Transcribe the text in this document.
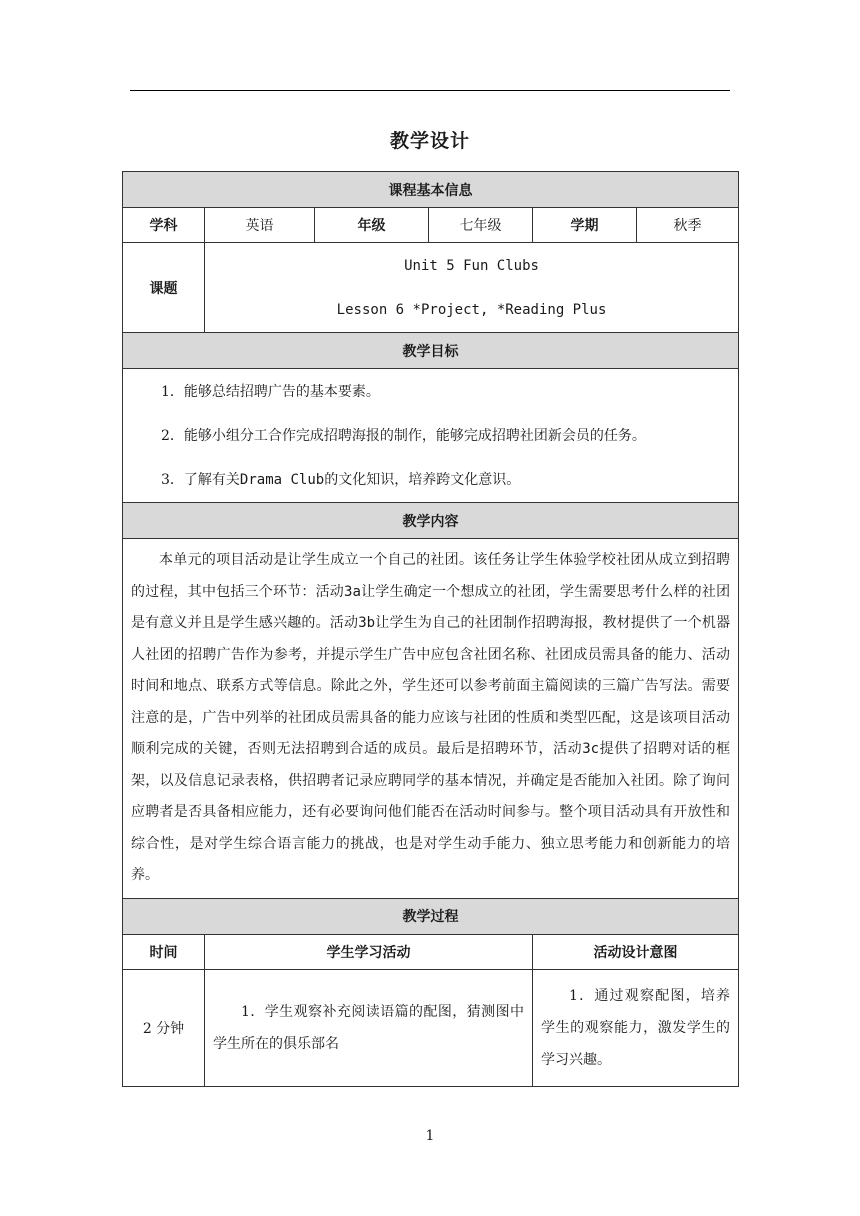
教学设计
课程基本信息					
学科	英语	年级	七年级	学期	秋季
课题	Unit 5 Fun Clubs
Lesson 6 *Project, *Reading Plus				

教学目标					

1．能够总结招聘广告的基本要素。

2．能够小组分工合作完成招聘海报的制作，能够完成招聘社团新会员的任务。

3．了解有关Drama Club的文化知识，培养跨文化意识。					

教学内容					

本单元的项目活动是让学生成立一个自己的社团。该任务让学生体验学校社团从成立到招聘的过程，其中包括三个环节：活动3a让学生确定一个想成立的社团，学生需要思考什么样的社团是有意义并且是学生感兴趣的。活动3b让学生为自己的社团制作招聘海报，教材提供了一个机器人社团的招聘广告作为参考，并提示学生广告中应包含社团名称、社团成员需具备的能力、活动时间和地点、联系方式等信息。除此之外，学生还可以参考前面主篇阅读的三篇广告写法。需要注意的是，广告中列举的社团成员需具备的能力应该与社团的性质和类型匹配，这是该项目活动顺利完成的关键，否则无法招聘到合适的成员。最后是招聘环节，活动3c提供了招聘对话的框架，以及信息记录表格，供招聘者记录应聘同学的基本情况，并确定是否能加入社团。除了询问应聘者是否具备相应能力，还有必要询问他们能否在活动时间参与。整个项目活动具有开放性和综合性，是对学生综合语言能力的挑战，也是对学生动手能力、独立思考能力和创新能力的培养。					

教学过程					
时间	学生学习活动			活动设计意图	
2 分钟	1．学生观察补充阅读语篇的配图，猜测图中学生所在的俱乐部名			1．通过观察配图，培养学生的观察能力，激发学生的学习兴趣。	
1
